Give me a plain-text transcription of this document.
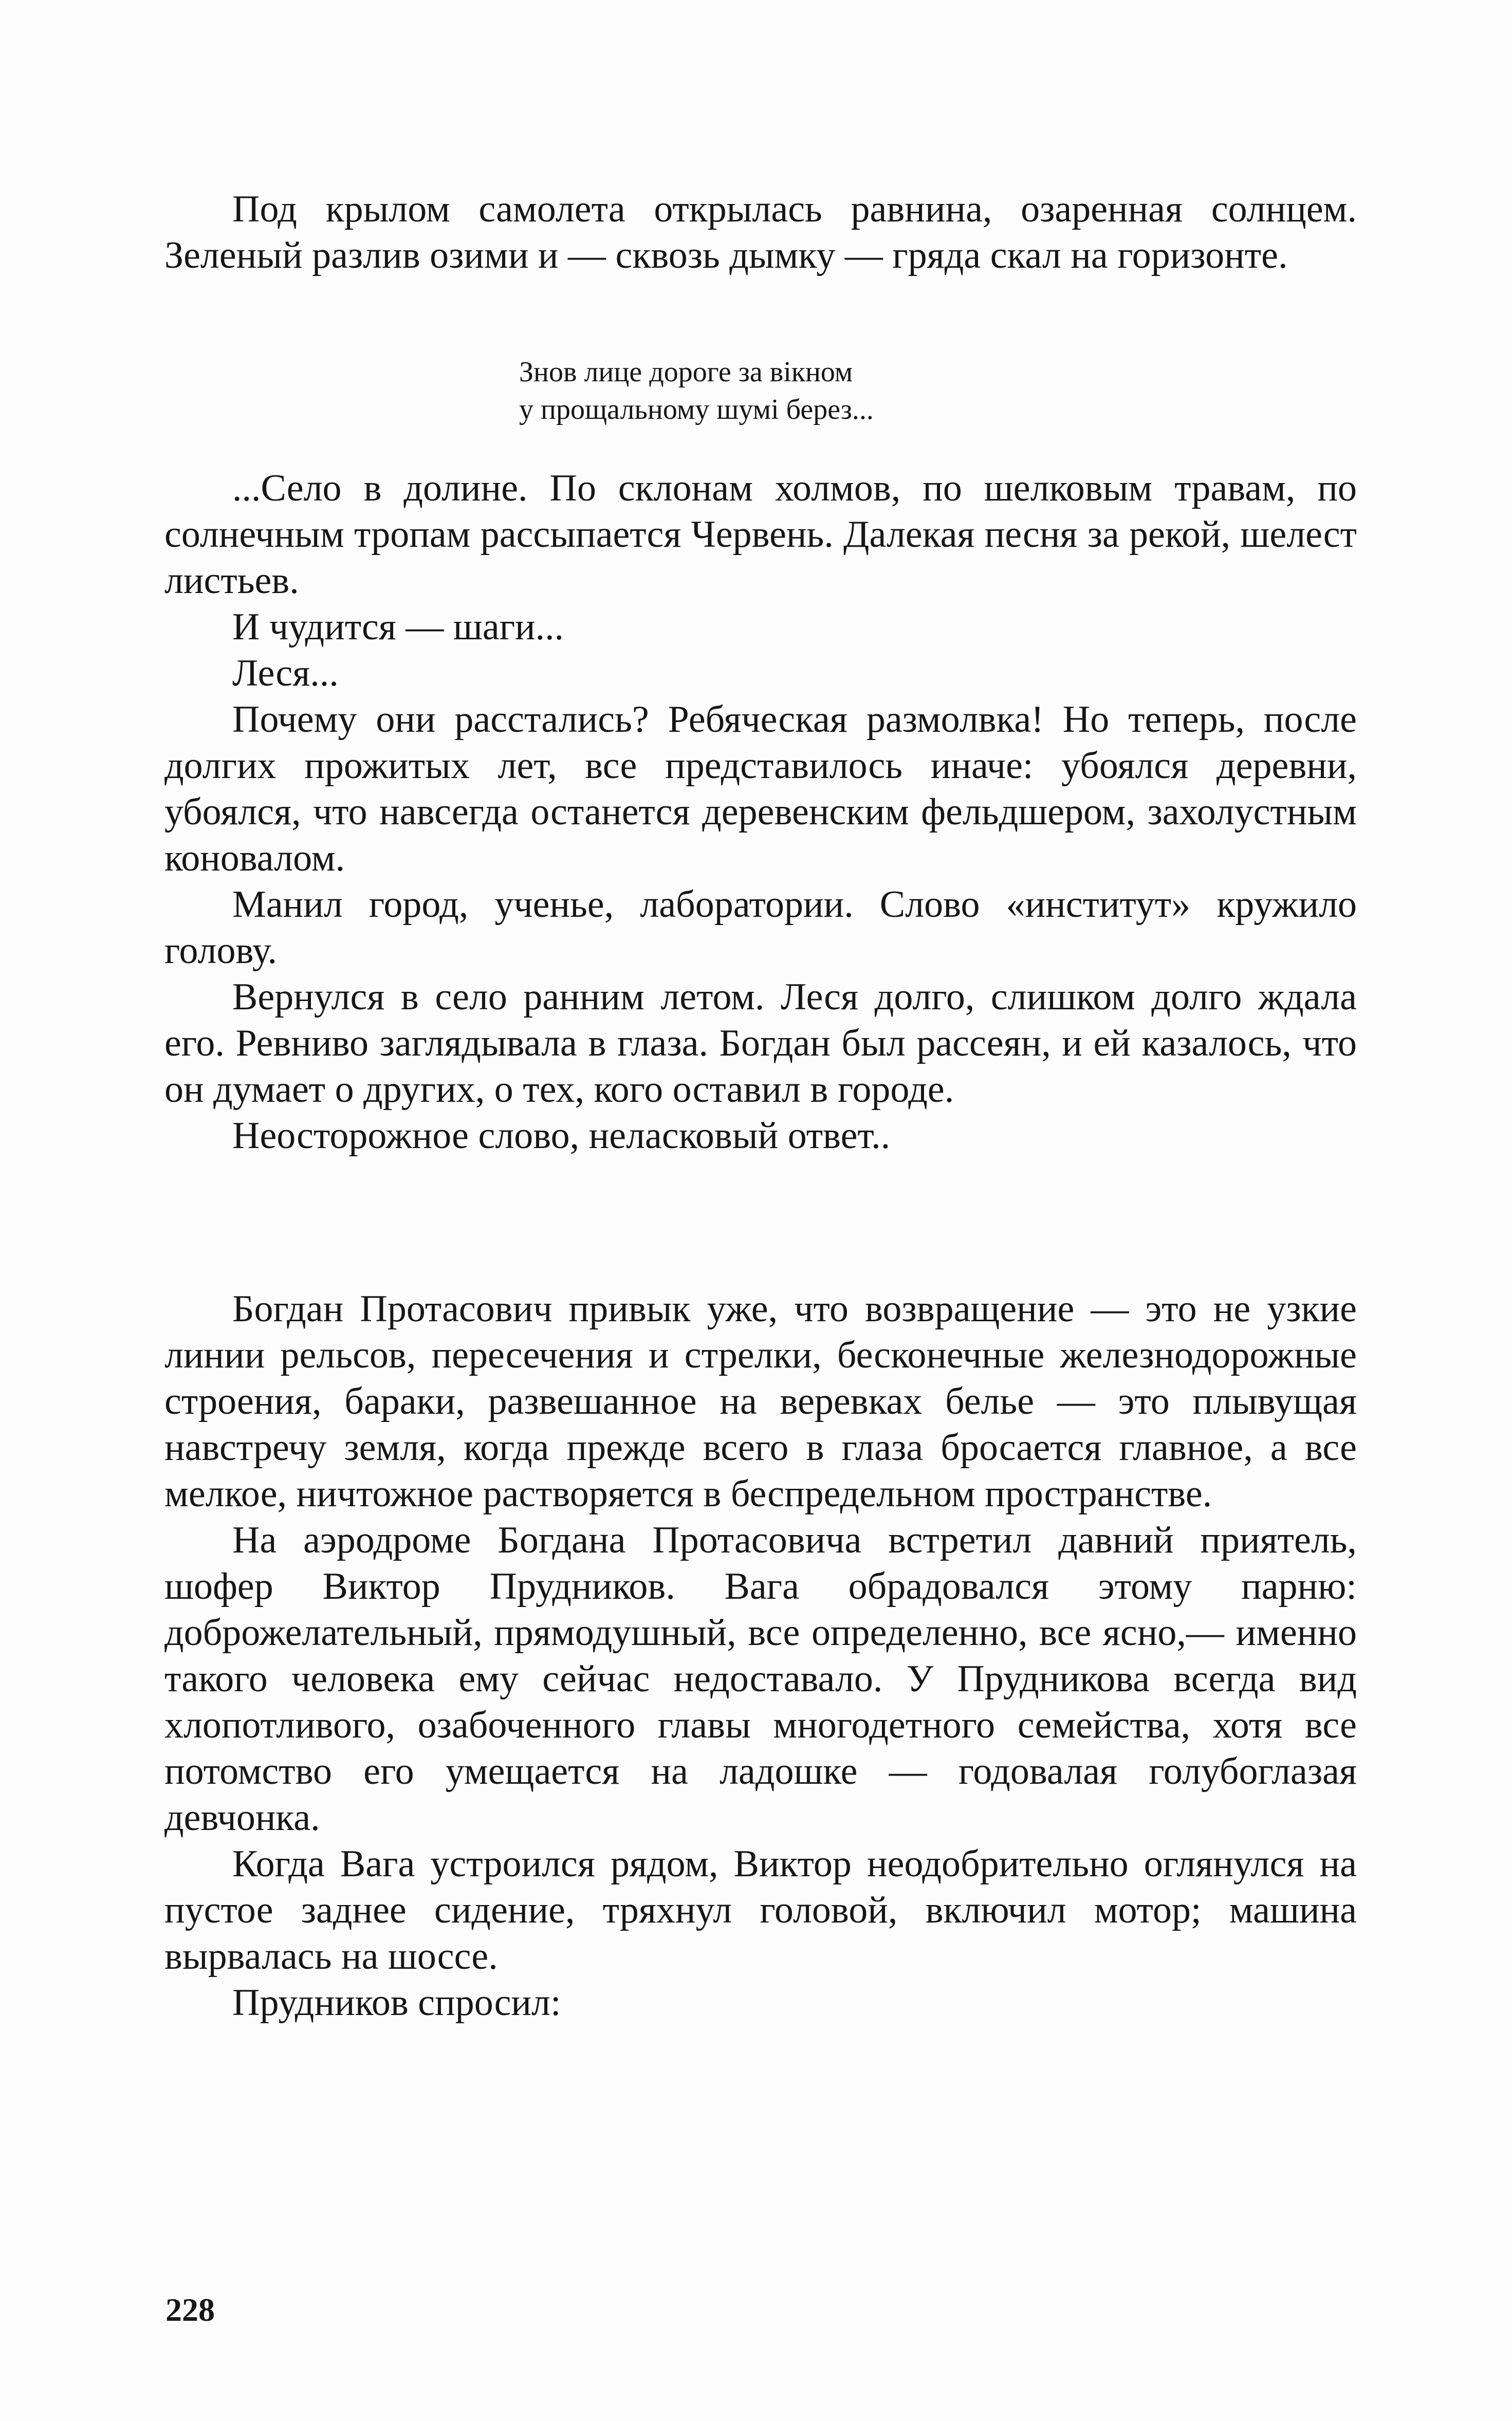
Под крылом самолета открылась равнина, озаренная солнцем. Зеленый разлив озими и — сквозь дымку — гряда скал на горизонте.

Знов лице дороге за вікном
у прощальному шумі берез...

...Село в долине. По склонам холмов, по шелковым травам, по солнечным тропам рассыпается Червень. Далекая песня за рекой, шелест листьев.

И чудится — шаги...

Леся...

Почему они расстались? Ребяческая размолвка! Но теперь, после долгих прожитых лет, все представилось иначе: убоялся деревни, убоялся, что навсегда останется деревенским фельдшером, захолустным коновалом.

Манил город, ученье, лаборатории. Слово «институт» кружило голову.

Вернулся в село ранним летом. Леся долго, слишком долго ждала его. Ревниво заглядывала в глаза. Богдан был рассеян, и ей казалось, что он думает о других, о тех, кого оставил в городе.

Неосторожное слово, неласковый ответ..

Богдан Протасович привык уже, что возвращение — это не узкие линии рельсов, пересечения и стрелки, бесконечные железнодорожные строения, бараки, развешанное на веревках белье — это плывущая навстречу земля, когда прежде всего в глаза бросается главное, а все мелкое, ничтожное растворяется в беспредельном пространстве.

На аэродроме Богдана Протасовича встретил давний приятель, шофер Виктор Прудников. Вага обрадовался этому парню: доброжелательный, прямодушный, все определенно, все ясно,— именно такого человека ему сейчас недоставало. У Прудникова всегда вид хлопотливого, озабоченного главы многодетного семейства, хотя все потомство его умещается на ладошке — годовалая голубоглазая девчонка.

Когда Вага устроился рядом, Виктор неодобрительно оглянулся на пустое заднее сидение, тряхнул головой, включил мотор; машина вырвалась на шоссе.

Прудников спросил:

228
